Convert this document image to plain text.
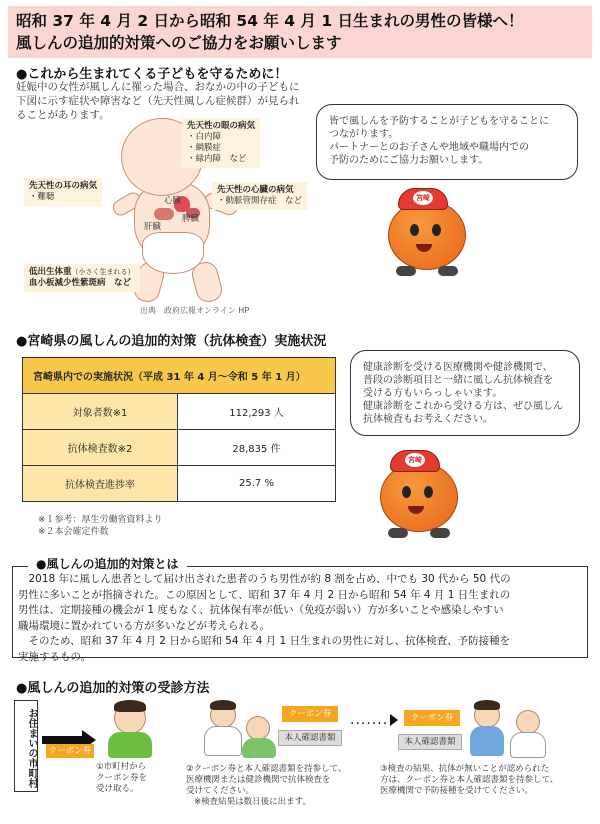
昭和 37 年 4 月 2 日から昭和 54 年 4 月 1 日生まれの男性の皆様へ！
風しんの追加的対策へのご協力をお願いします
●これから生まれてくる子どもを守るために！
妊娠中の女性が風しんに罹った場合、おなかの中の子どもに下図に示す症状や障害など（先天性風しん症候群）が見られることがあります。
心臓
肝臓
脾臓
先天性の眼の病気
・白内障
・網膜症
・緑内障　など
先天性の耳の病気
・難聴
先天性の心臓の病気
・動脈管開存症　など
低出生体重（小さく生まれる）
血小板減少性紫斑病　など
出典　政府広報オンライン HP
皆で風しんを予防することが子どもを守ることに
つながります。
パートナーとのお子さんや地域や職場内での
予防のためにご協力お願いします。
宮崎
●宮崎県の風しんの追加的対策（抗体検査）実施状況
宮崎県内での実施状況（平成 31 年 4 月～令和 5 年 1 月）	
対象者数※1	112,293 人
抗体検査数※2	28,835 件
抗体検査進捗率	25.7 %
※１参考：厚生労働省資料より
※２本会確定件数
健康診断を受ける医療機関や健診機関で、
普段の診断項目と一緒に風しん抗体検査を
受ける方もいらっしゃいます。
健康診断をこれから受ける方は、ぜひ風しん
抗体検査もお考えください。
宮崎
●風しんの追加的対策とは
　2018 年に風しん患者として届け出された患者のうち男性が約 8 割を占め、中でも 30 代から 50 代の
男性に多いことが指摘された。この原因として、昭和 37 年 4 月 2 日から昭和 54 年 4 月 1 日生まれの
男性は、定期接種の機会が 1 度もなく、抗体保有率が低い（免疫が弱い）方が多いことや感染しやすい
職場環境に置かれている方が多いなどが考えられる。
　そのため、昭和 37 年 4 月 2 日から昭和 54 年 4 月 1 日生まれの男性に対し、抗体検査、予防接種を
実施するもの。
●風しんの追加的対策の受診方法
お住まいの市町村	クーポン券
①市町村から
クーポン券を
受け取る。
クーポン券
本人確認書類
②クーポン券と本人確認書類を持参して、
医療機関または健診機関で抗体検査を
受けてください。
※検査結果は数日後に出ます。
·······	クーポン券
本人確認書類
③検査の結果、抗体が無いことが認められた
方は、クーポン券と本人確認書類を持参して、
医療機関で予防接種を受けてください。
